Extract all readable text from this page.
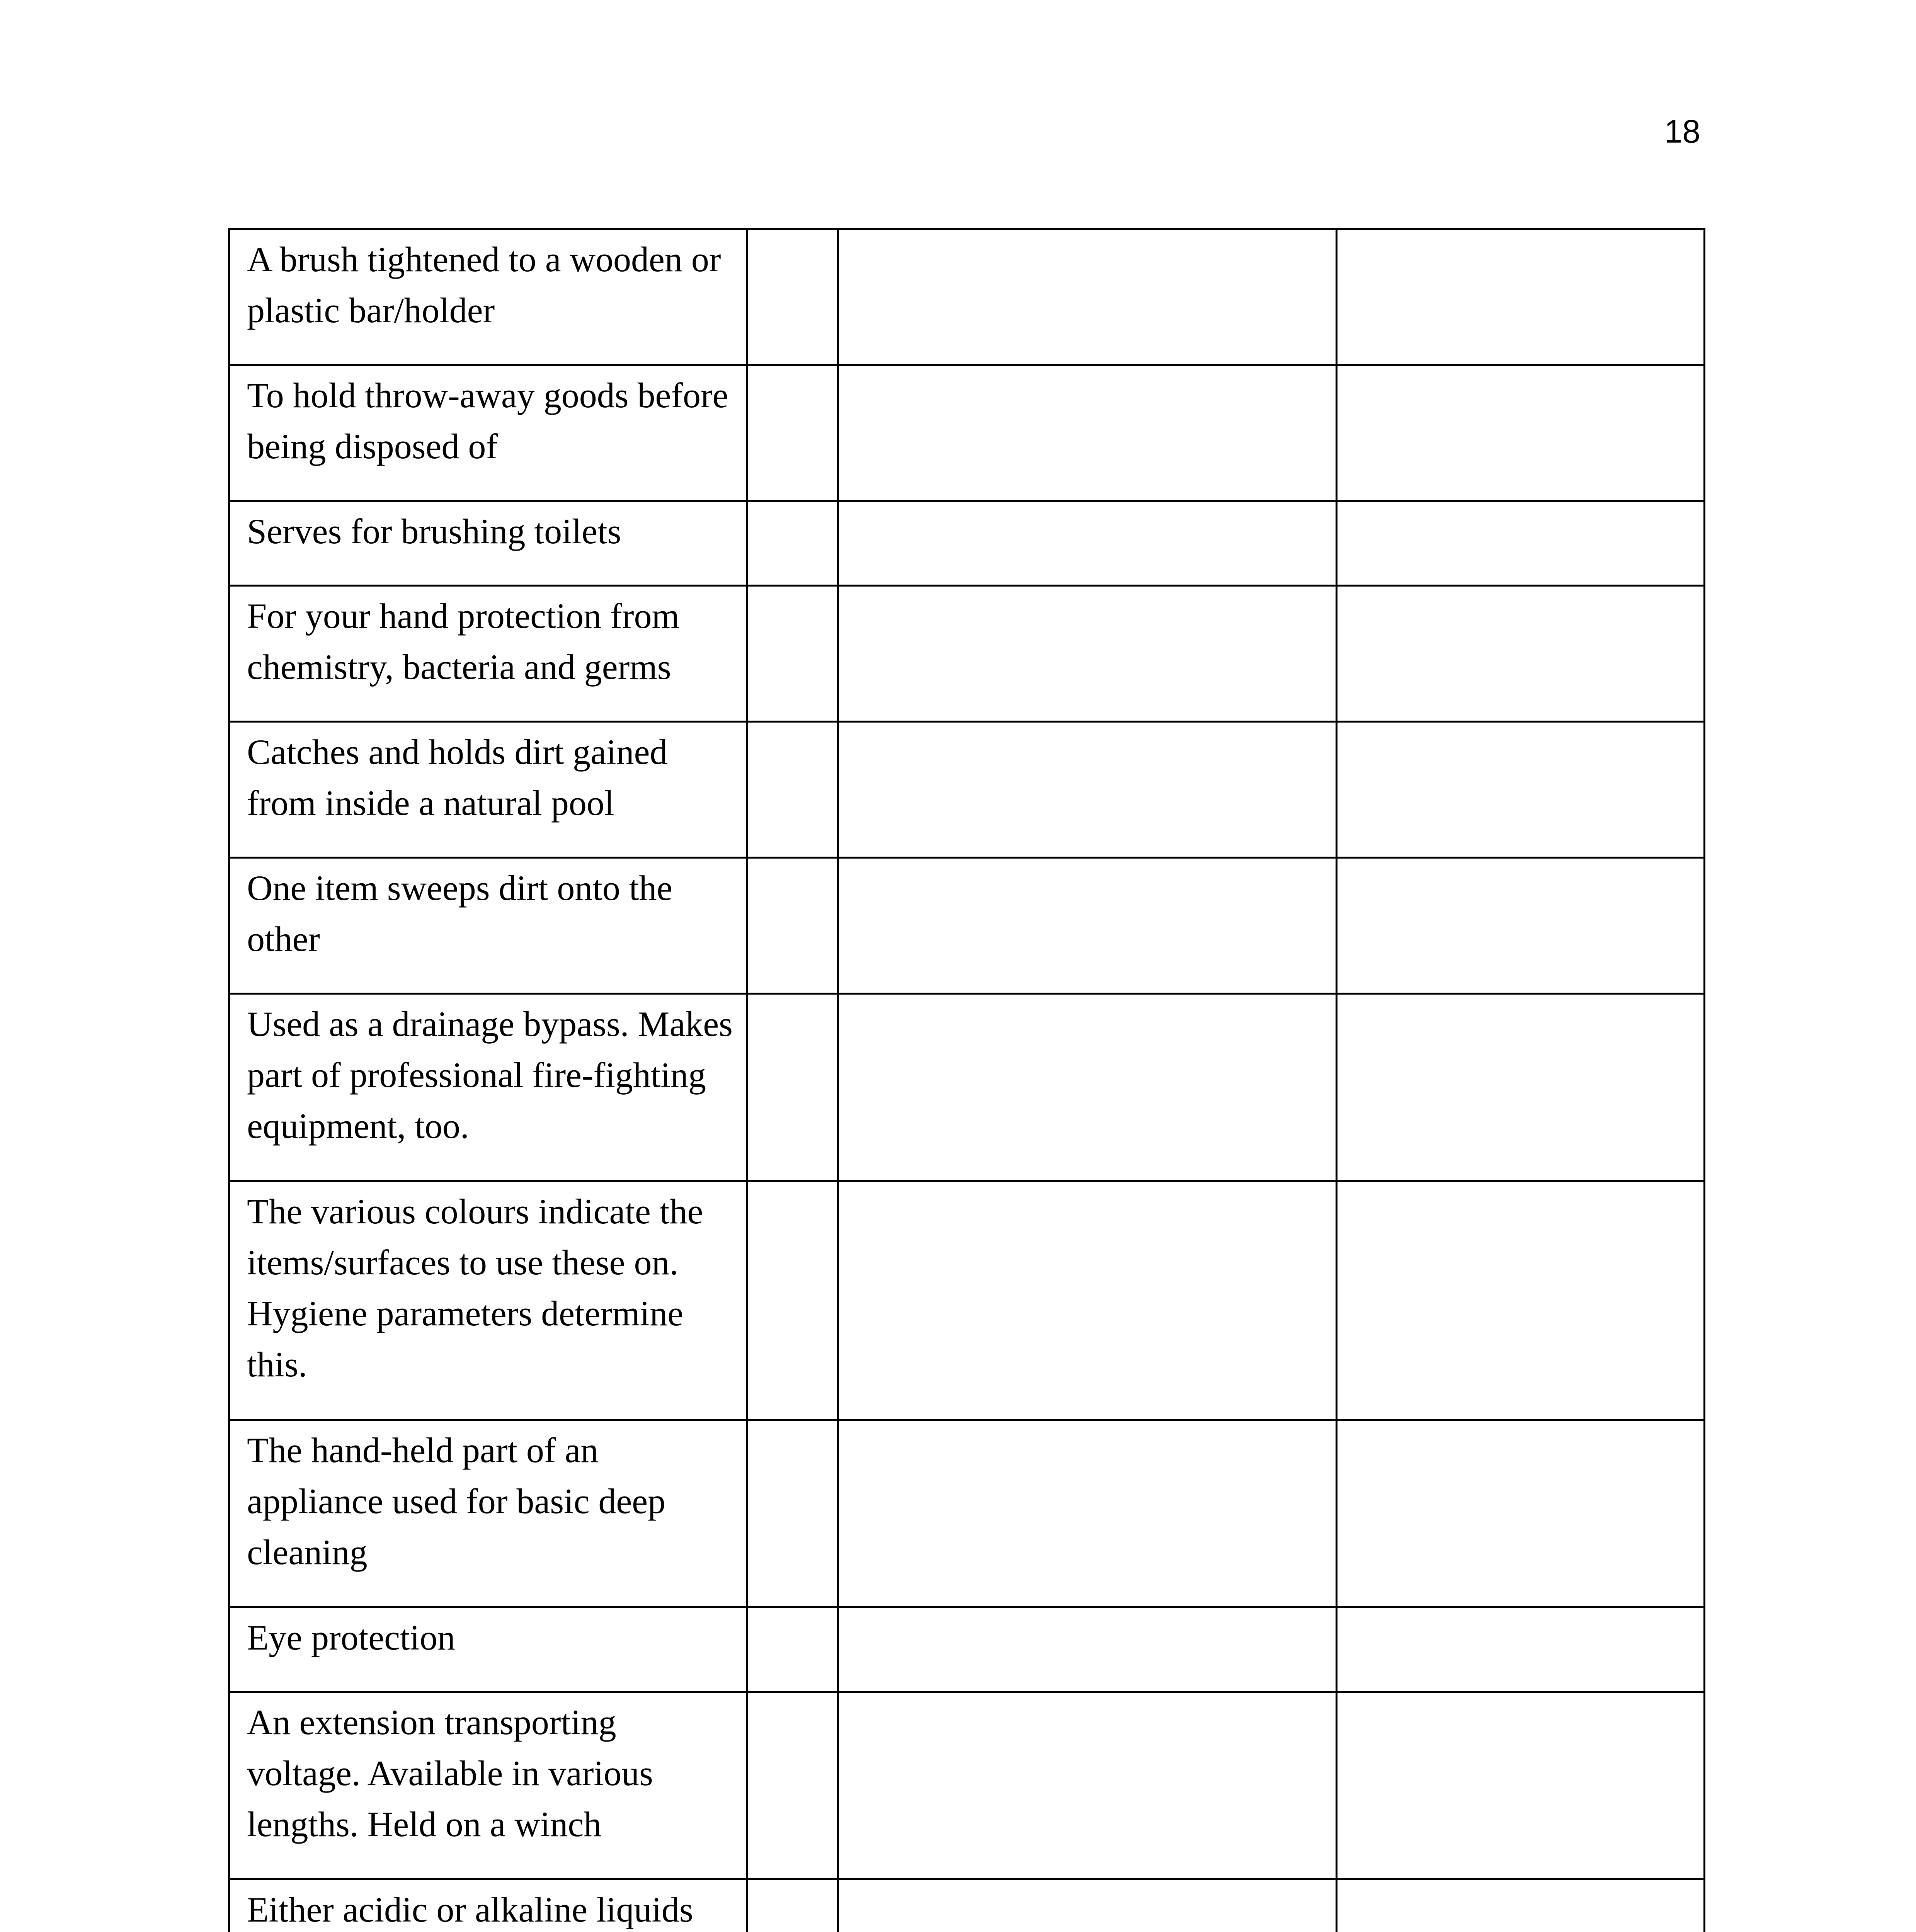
18
A brush tightened to a wooden or plastic bar/holder			

To hold throw-away goods before being disposed of			

Serves for brushing toilets			

For your hand protection from chemistry, bacteria and germs			

Catches and holds dirt gained from inside a natural pool			

One item sweeps dirt onto the other			

Used as a drainage bypass. Makes part of professional fire-fighting equipment, too.			

The various colours indicate the items/surfaces to use these on. Hygiene parameters determine this.			

The hand-held part of an appliance used for basic deep cleaning			

Eye protection			

An extension transporting voltage. Available in various lengths. Held on a winch			

Either acidic or alkaline liquids			
